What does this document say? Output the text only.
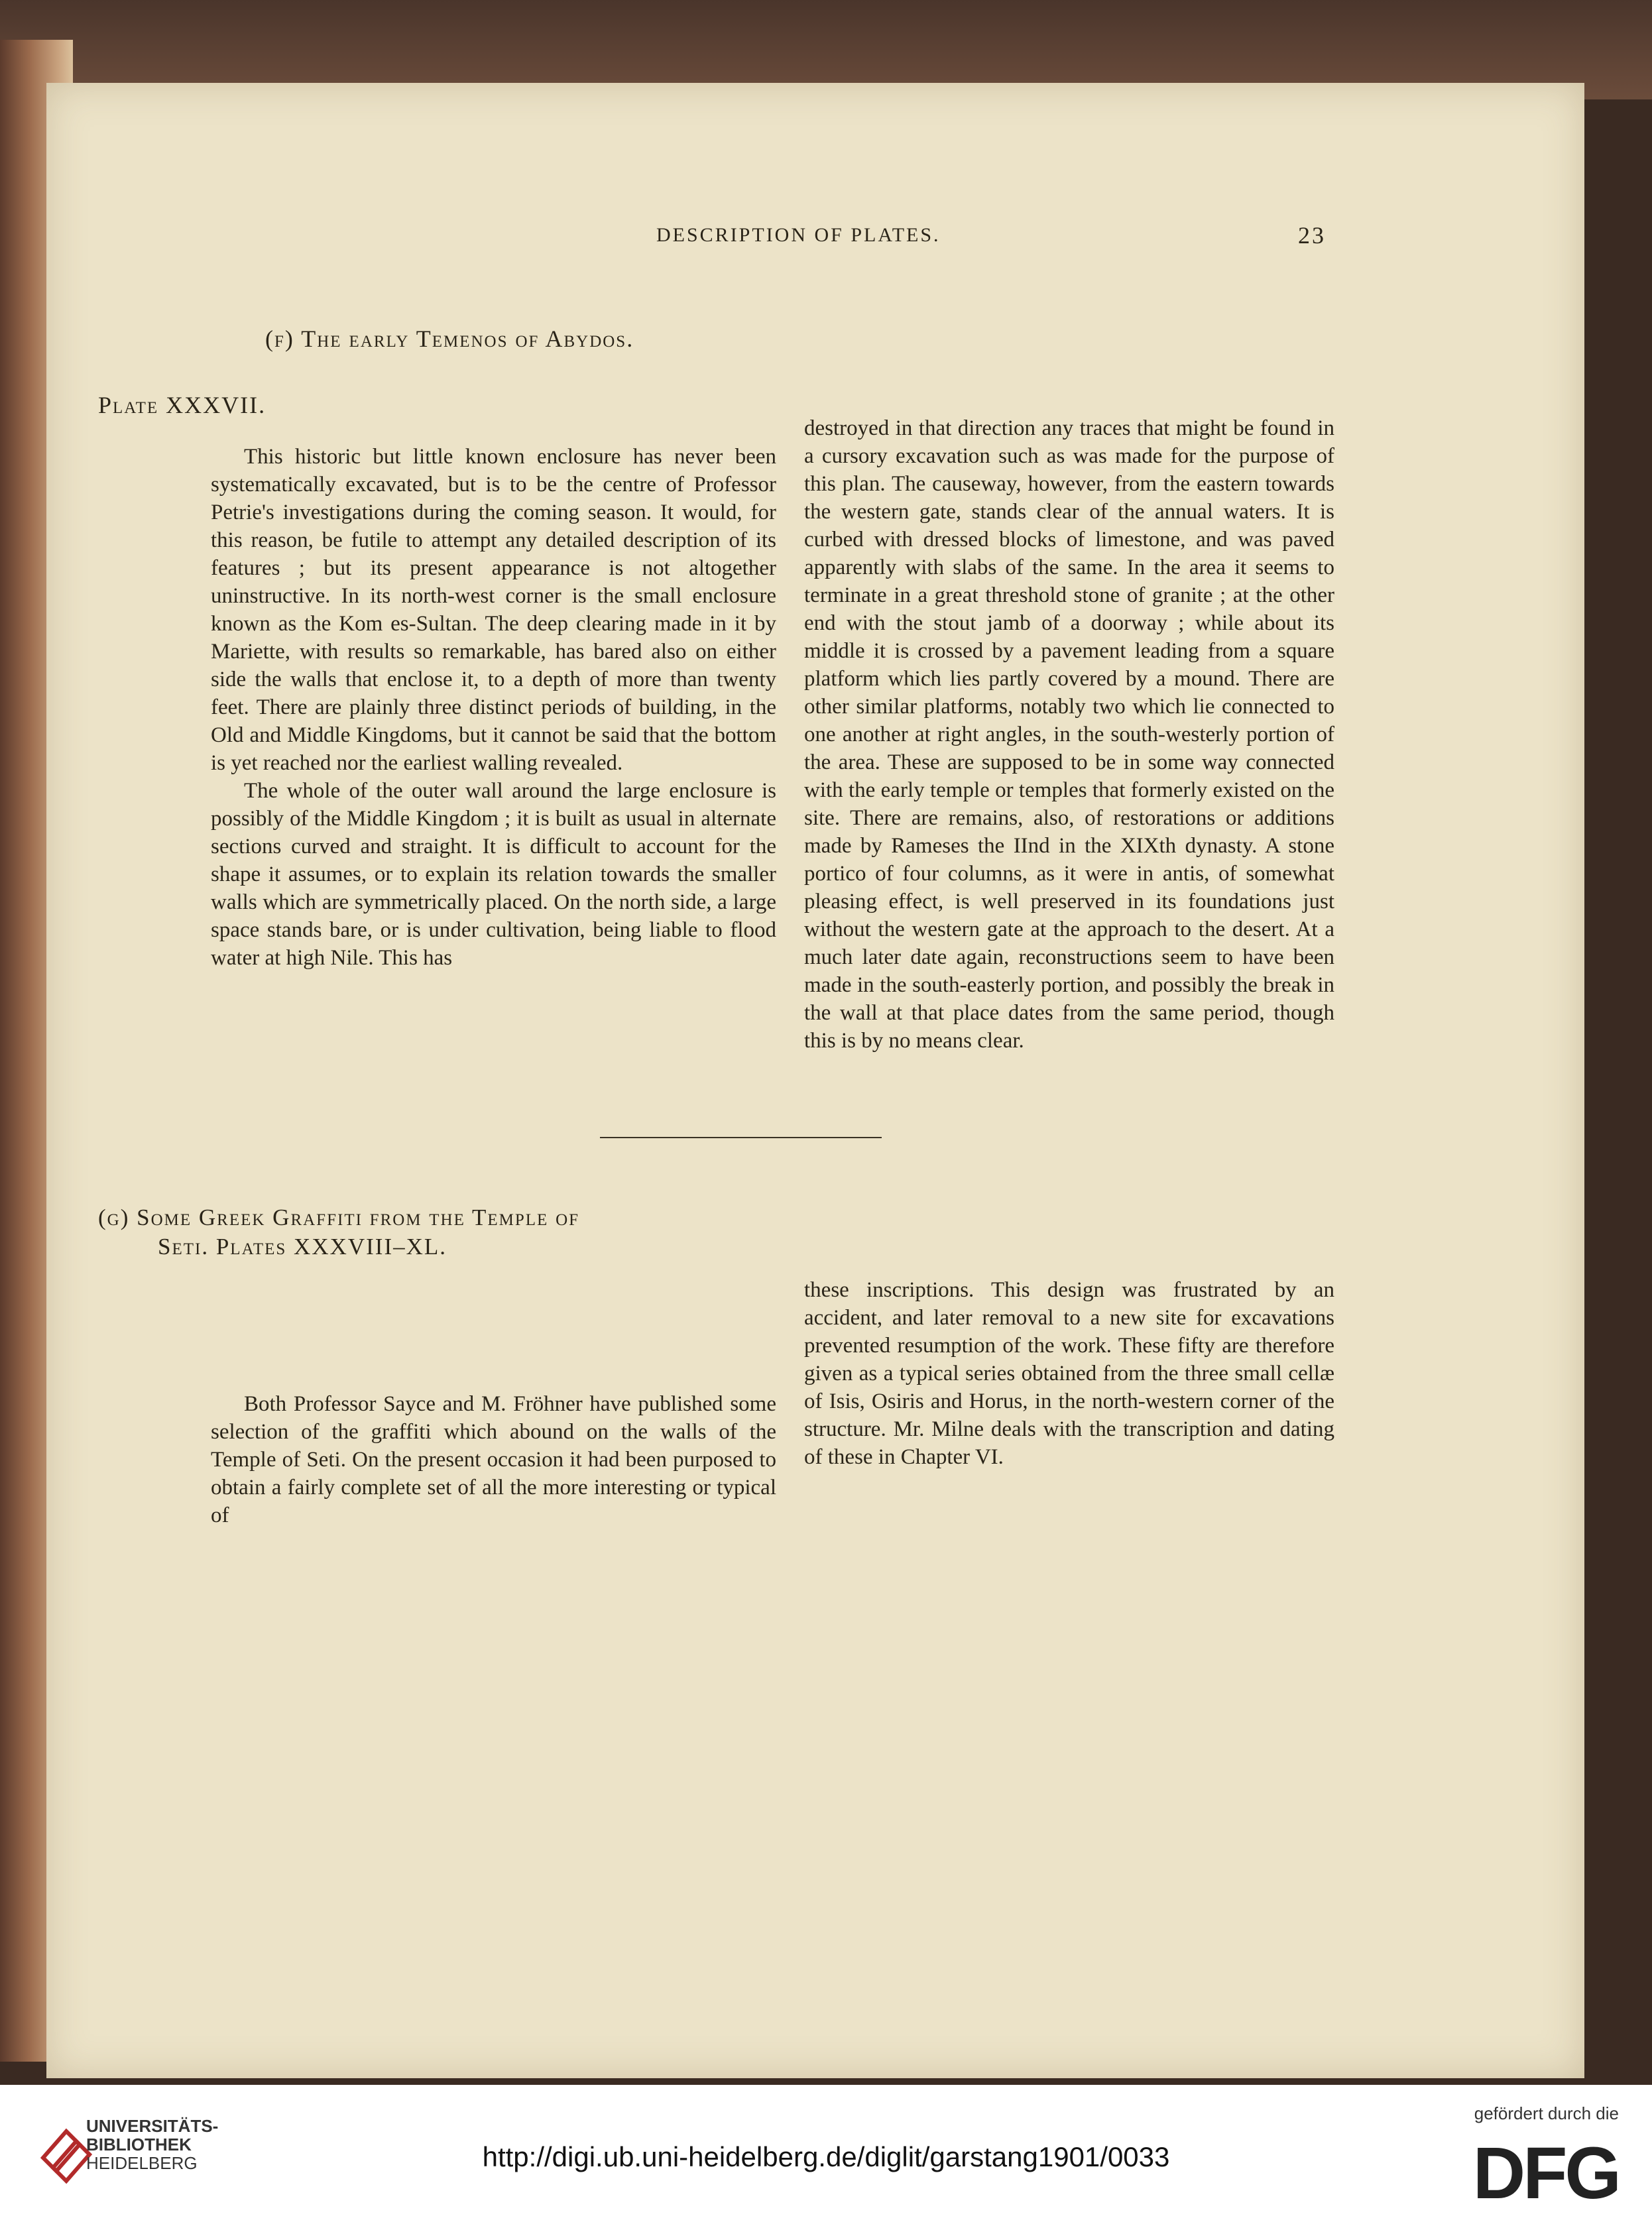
DESCRIPTION OF PLATES.	23
(f) The early Temenos of Abydos.
Plate XXXVII.

This historic but little known enclosure has never been systematically excavated, but is to be the centre of Professor Petrie's investigations during the coming season. It would, for this reason, be futile to attempt any detailed description of its features ; but its present appearance is not altogether uninstructive. In its north-west corner is the small enclosure known as the Kom es-Sultan. The deep clearing made in it by Mariette, with results so remarkable, has bared also on either side the walls that enclose it, to a depth of more than twenty feet. There are plainly three distinct periods of building, in the Old and Middle Kingdoms, but it cannot be said that the bottom is yet reached nor the earliest walling revealed.

The whole of the outer wall around the large enclosure is possibly of the Middle Kingdom ; it is built as usual in alternate sections curved and straight. It is difficult to account for the shape it assumes, or to explain its relation towards the smaller walls which are symmetrically placed. On the north side, a large space stands bare, or is under cultivation, being liable to flood water at high Nile. This has

destroyed in that direction any traces that might be found in a cursory excavation such as was made for the purpose of this plan. The causeway, however, from the eastern towards the western gate, stands clear of the annual waters. It is curbed with dressed blocks of limestone, and was paved apparently with slabs of the same. In the area it seems to terminate in a great threshold stone of granite ; at the other end with the stout jamb of a doorway ; while about its middle it is crossed by a pavement leading from a square platform which lies partly covered by a mound. There are other similar platforms, notably two which lie connected to one another at right angles, in the south-westerly portion of the area. These are supposed to be in some way connected with the early temple or temples that formerly existed on the site. There are remains, also, of restorations or additions made by Rameses the IInd in the XIXth dynasty. A stone portico of four columns, as it were in antis, of somewhat pleasing effect, is well preserved in its foundations just without the western gate at the approach to the desert. At a much later date again, reconstructions seem to have been made in the south-easterly portion, and possibly the break in the wall at that place dates from the same period, though this is by no means clear.

(g) Some Greek Graffiti from the Temple of
Seti. Plates XXXVIII–XL.

Both Professor Sayce and M. Fröhner have published some selection of the graffiti which abound on the walls of the Temple of Seti. On the present occasion it had been purposed to obtain a fairly complete set of all the more interesting or typical of

these inscriptions. This design was frustrated by an accident, and later removal to a new site for excavations prevented resumption of the work. These fifty are therefore given as a typical series obtained from the three small cellæ of Isis, Osiris and Horus, in the north-western corner of the structure. Mr. Milne deals with the transcription and dating of these in Chapter VI.

UNIVERSITÄTS-
BIBLIOTHEK
HEIDELBERG	http://digi.ub.uni-heidelberg.de/diglit/garstang1901/0033
gefördert durch die
DFG
